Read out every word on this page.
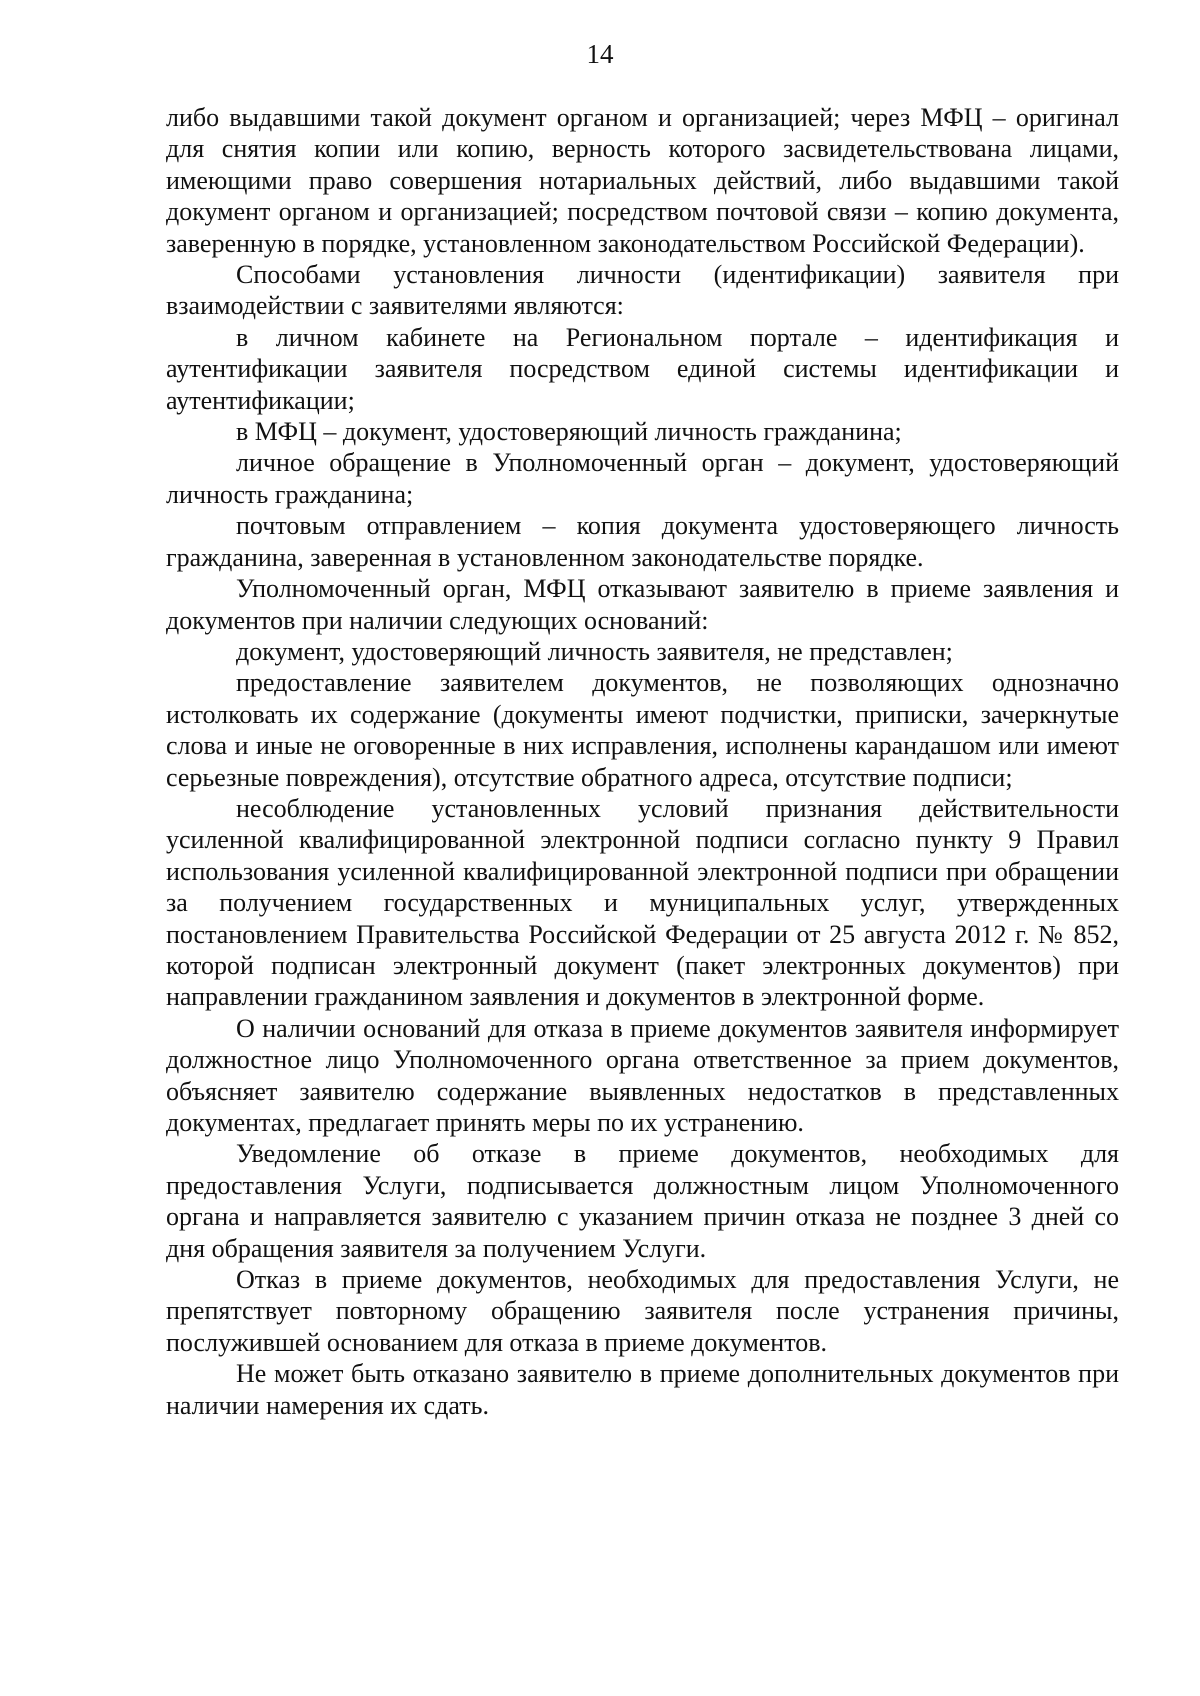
14

либо выдавшими такой документ органом и организацией; через МФЦ – оригинал для снятия копии или копию, верность которого засвидетельствована лицами, имеющими право совершения нотариальных действий, либо выдавшими такой документ органом и организацией; посредством почтовой связи – копию документа, заверенную в порядке, установленном законодательством Российской Федерации).

Способами установления личности (идентификации) заявителя при взаимодействии с заявителями являются:

в личном кабинете на Региональном портале – идентификация и аутентификации заявителя посредством единой системы идентификации и аутентификации;

в МФЦ – документ, удостоверяющий личность гражданина;

личное обращение в Уполномоченный орган – документ, удостоверяющий личность гражданина;

почтовым отправлением – копия документа удостоверяющего личность гражданина, заверенная в установленном законодательстве порядке.

Уполномоченный орган, МФЦ отказывают заявителю в приеме заявления и документов при наличии следующих оснований:

документ, удостоверяющий личность заявителя, не представлен;

предоставление заявителем документов, не позволяющих однозначно истолковать их содержание (документы имеют подчистки, приписки, зачеркнутые слова и иные не оговоренные в них исправления, исполнены карандашом или имеют серьезные повреждения), отсутствие обратного адреса, отсутствие подписи;

несоблюдение установленных условий признания действительности усиленной квалифицированной электронной подписи согласно пункту 9 Правил использования усиленной квалифицированной электронной подписи при обращении за получением государственных и муниципальных услуг, утвержденных постановлением Правительства Российской Федерации от 25 августа 2012 г. № 852, которой подписан электронный документ (пакет электронных документов) при направлении гражданином заявления и документов в электронной форме.

О наличии оснований для отказа в приеме документов заявителя информирует должностное лицо Уполномоченного органа ответственное за прием документов, объясняет заявителю содержание выявленных недостатков в представленных документах, предлагает принять меры по их устранению.

Уведомление об отказе в приеме документов, необходимых для предоставления Услуги, подписывается должностным лицом Уполномоченного органа и направляется заявителю с указанием причин отказа не позднее 3 дней со дня обращения заявителя за получением Услуги.

Отказ в приеме документов, необходимых для предоставления Услуги, не препятствует повторному обращению заявителя после устранения причины, послужившей основанием для отказа в приеме документов.

Не может быть отказано заявителю в приеме дополнительных документов при наличии намерения их сдать.
